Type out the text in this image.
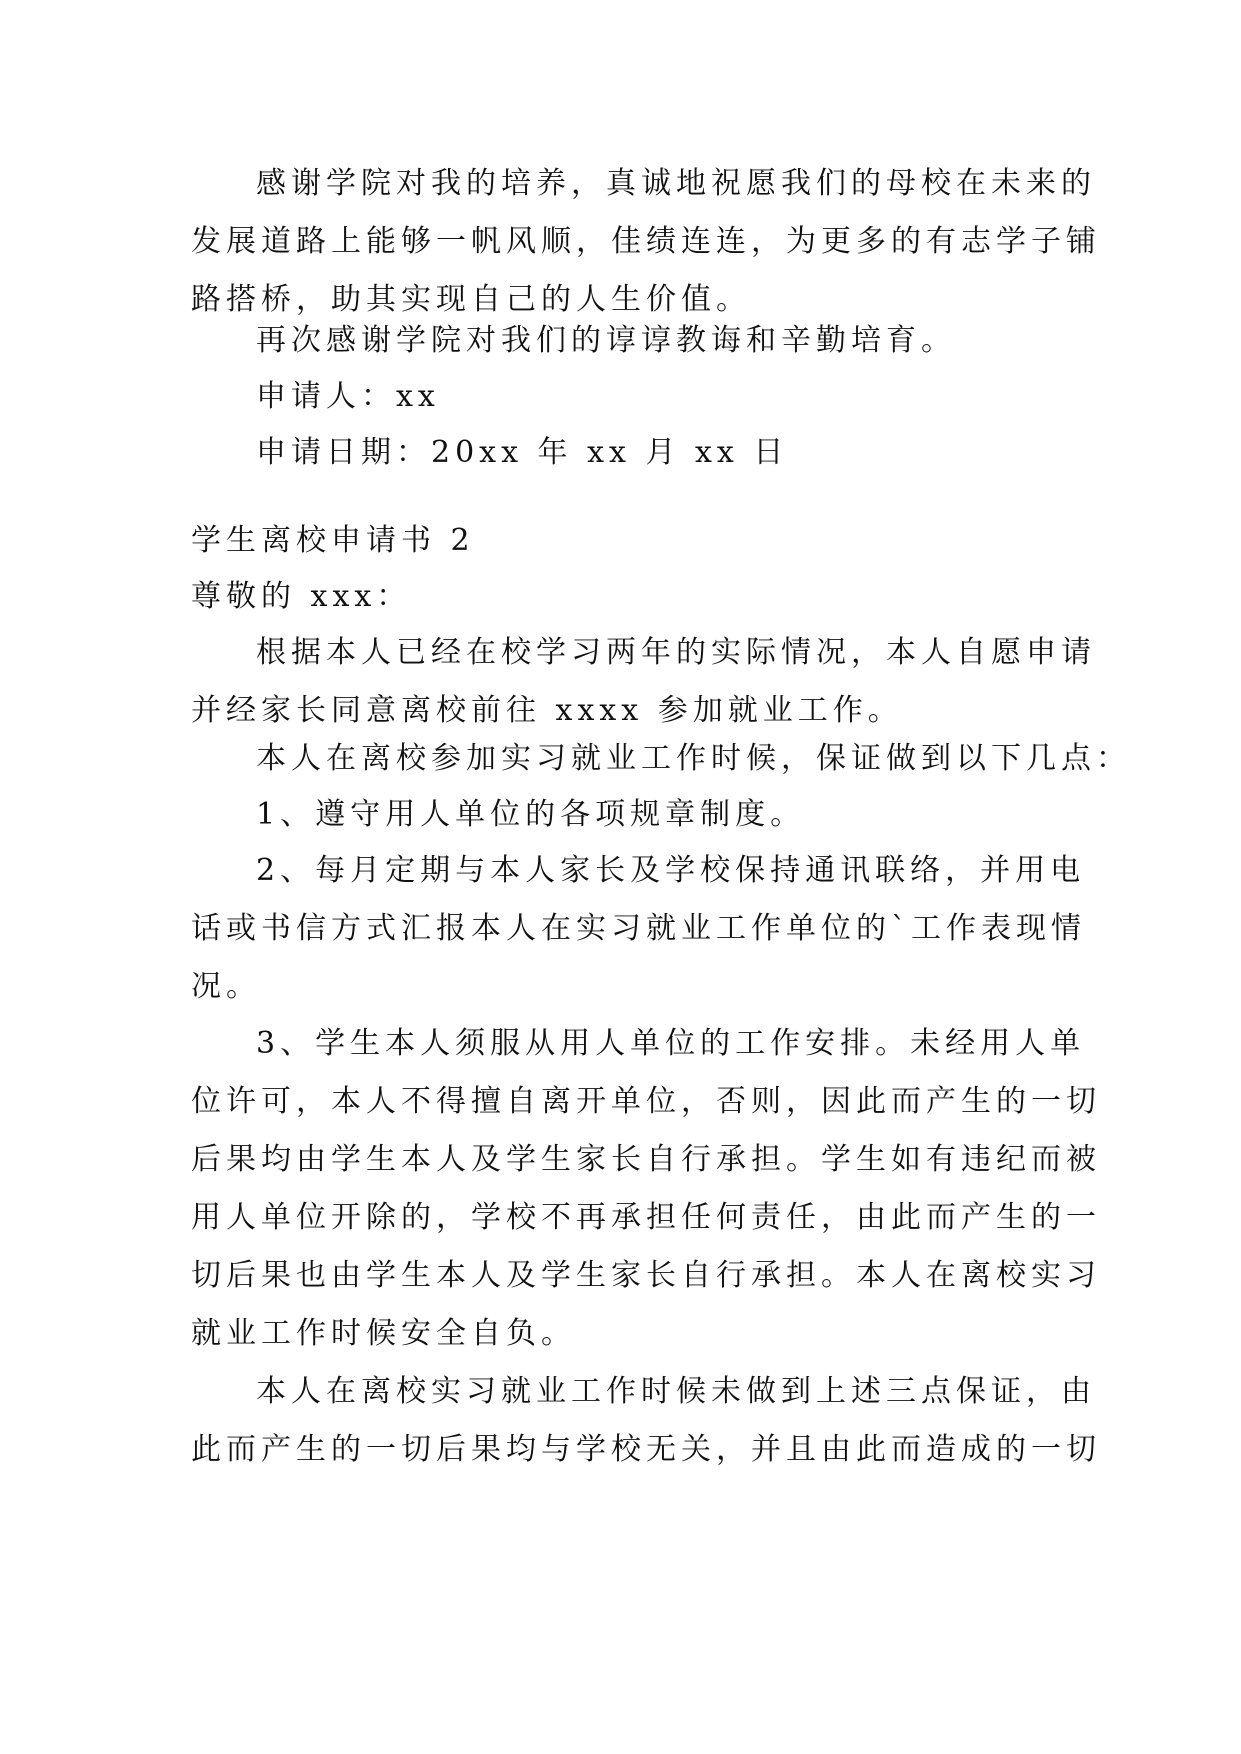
感谢学院对我的培养，真诚地祝愿我们的母校在未来的
发展道路上能够一帆风顺，佳绩连连，为更多的有志学子铺
路搭桥，助其实现自己的人生价值。
再次感谢学院对我们的谆谆教诲和辛勤培育。
申请人：xx
申请日期：20xx 年 xx 月 xx 日
学生离校申请书 2
尊敬的 xxx：
根据本人已经在校学习两年的实际情况，本人自愿申请
并经家长同意离校前往 xxxx 参加就业工作。
本人在离校参加实习就业工作时候，保证做到以下几点：
1、遵守用人单位的各项规章制度。
2、每月定期与本人家长及学校保持通讯联络，并用电
话或书信方式汇报本人在实习就业工作单位的`工作表现情
况。
3、学生本人须服从用人单位的工作安排。未经用人单
位许可，本人不得擅自离开单位，否则，因此而产生的一切
后果均由学生本人及学生家长自行承担。学生如有违纪而被
用人单位开除的，学校不再承担任何责任，由此而产生的一
切后果也由学生本人及学生家长自行承担。本人在离校实习
就业工作时候安全自负。
本人在离校实习就业工作时候未做到上述三点保证，由
此而产生的一切后果均与学校无关，并且由此而造成的一切
